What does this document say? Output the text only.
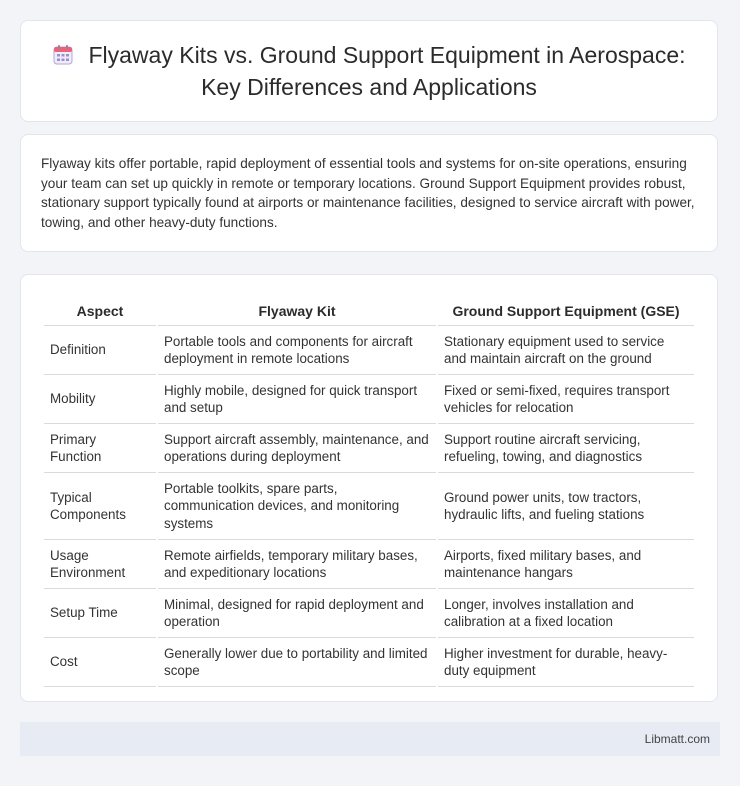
Flyaway Kits vs. Ground Support Equipment in Aerospace: Key Differences and Applications

Flyaway kits offer portable, rapid deployment of essential tools and systems for on-site operations, ensuring your team can set up quickly in remote or temporary locations. Ground Support Equipment provides robust, stationary support typically found at airports or maintenance facilities, designed to service aircraft with power, towing, and other heavy-duty functions.

Aspect	Flyaway Kit	Ground Support Equipment (GSE)
Definition	Portable tools and components for aircraft deployment in remote locations	Stationary equipment used to service and maintain aircraft on the ground
Mobility	Highly mobile, designed for quick transport and setup	Fixed or semi-fixed, requires transport vehicles for relocation
Primary Function	Support aircraft assembly, maintenance, and operations during deployment	Support routine aircraft servicing, refueling, towing, and diagnostics
Typical Components	Portable toolkits, spare parts, communication devices, and monitoring systems	Ground power units, tow tractors, hydraulic lifts, and fueling stations
Usage Environment	Remote airfields, temporary military bases, and expeditionary locations	Airports, fixed military bases, and maintenance hangars
Setup Time	Minimal, designed for rapid deployment and operation	Longer, involves installation and calibration at a fixed location
Cost	Generally lower due to portability and limited scope	Higher investment for durable, heavy-duty equipment
Libmatt.com
